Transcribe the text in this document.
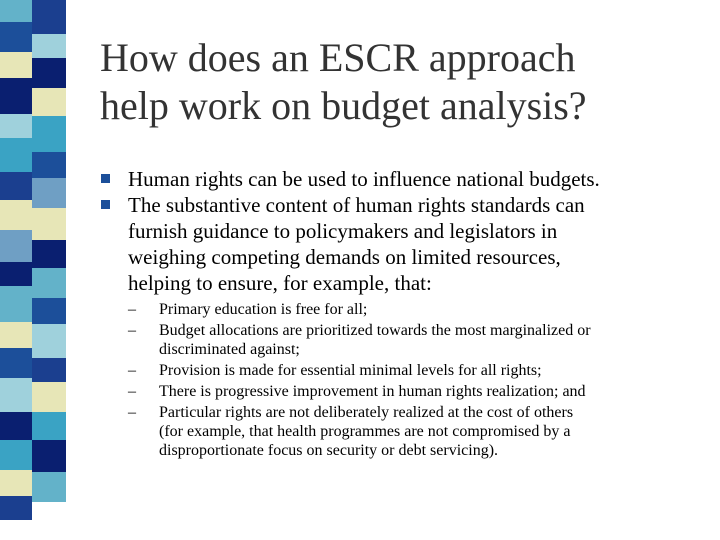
How does an ESCR approach
help work on budget analysis?
Human rights can be used to influence national budgets.
The substantive content of human rights standards can
furnish guidance to policymakers and legislators in
weighing competing demands on limited resources,
helping to ensure, for example, that:
– Primary education is free for all;
– Budget allocations are prioritized towards the most marginalized or
discriminated against;
– Provision is made for essential minimal levels for all rights;
– There is progressive improvement in human rights realization; and
– Particular rights are not deliberately realized at the cost of others
(for example, that health programmes are not compromised by a
disproportionate focus on security or debt servicing).
